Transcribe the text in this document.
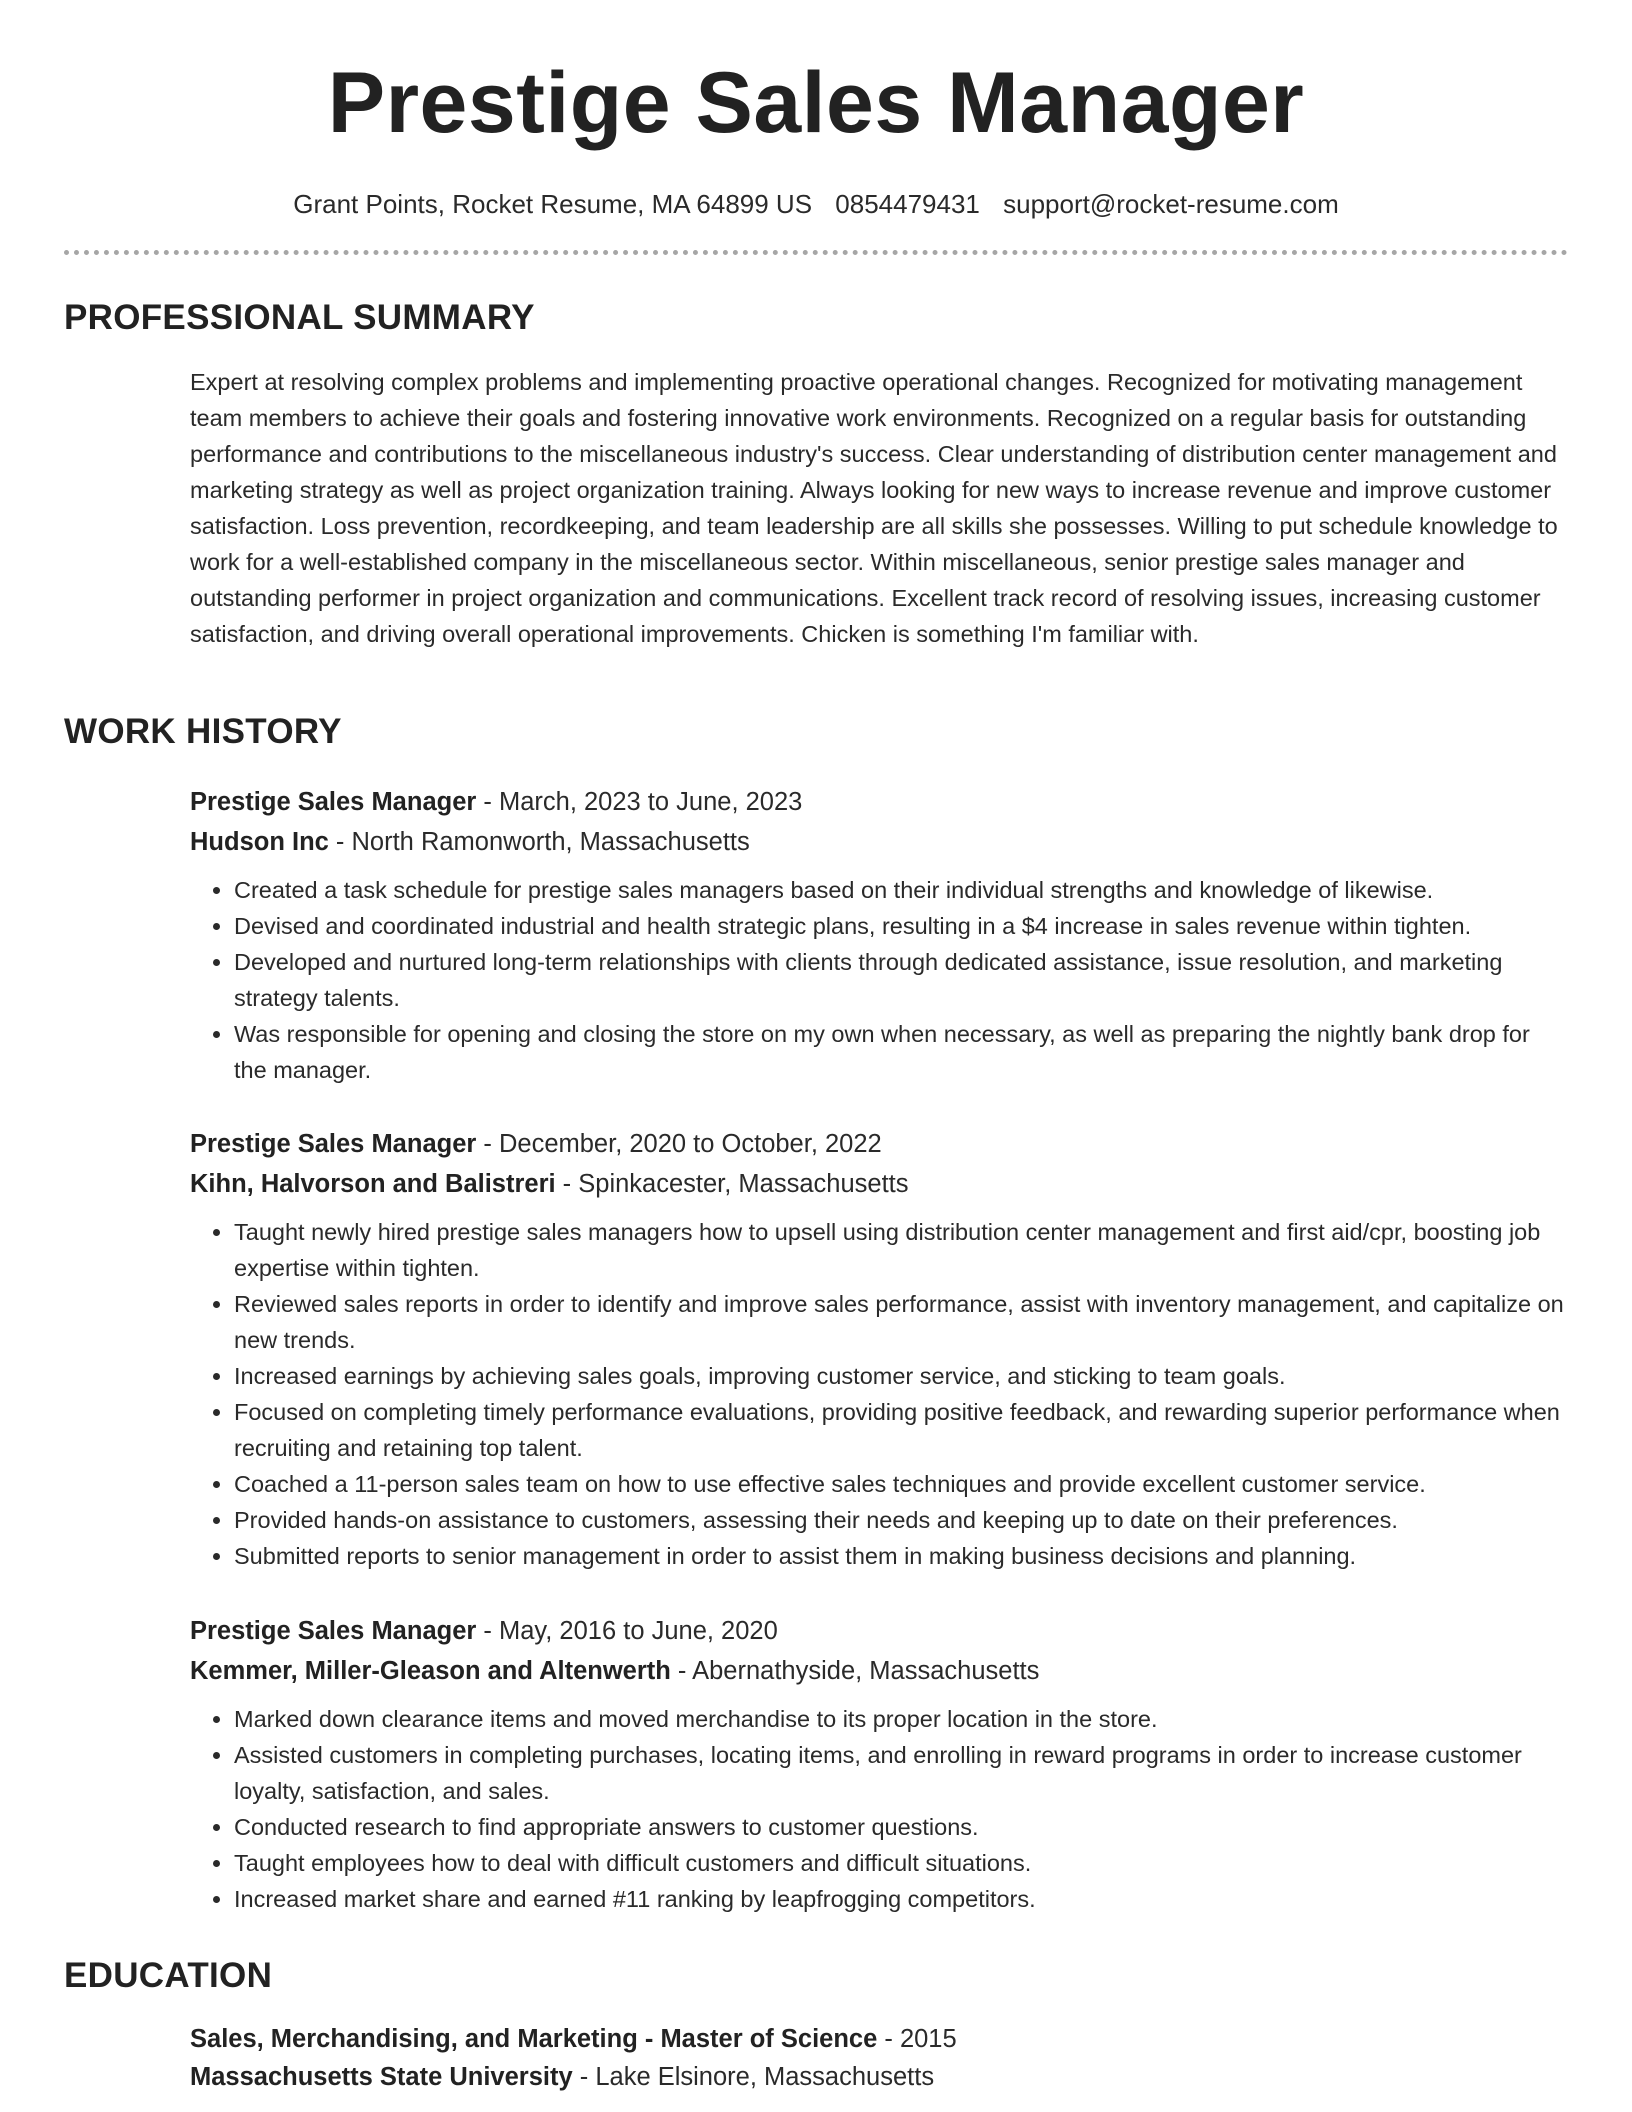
Prestige Sales Manager
Grant Points, Rocket Resume, MA 64899 US 0854479431 support@rocket-resume.com
PROFESSIONAL SUMMARY
Expert at resolving complex problems and implementing proactive operational changes. Recognized for motivating management team members to achieve their goals and fostering innovative work environments. Recognized on a regular basis for outstanding performance and contributions to the miscellaneous industry's success. Clear understanding of distribution center management and marketing strategy as well as project organization training. Always looking for new ways to increase revenue and improve customer satisfaction. Loss prevention, recordkeeping, and team leadership are all skills she possesses. Willing to put schedule knowledge to work for a well-established company in the miscellaneous sector. Within miscellaneous, senior prestige sales manager and outstanding performer in project organization and communications. Excellent track record of resolving issues, increasing customer satisfaction, and driving overall operational improvements. Chicken is something I'm familiar with.
WORK HISTORY
Prestige Sales Manager - March, 2023 to June, 2023
Hudson Inc - North Ramonworth, Massachusetts
• Created a task schedule for prestige sales managers based on their individual strengths and knowledge of likewise.
• Devised and coordinated industrial and health strategic plans, resulting in a $4 increase in sales revenue within tighten.
• Developed and nurtured long-term relationships with clients through dedicated assistance, issue resolution, and marketing strategy talents.
• Was responsible for opening and closing the store on my own when necessary, as well as preparing the nightly bank drop for the manager.
Prestige Sales Manager - December, 2020 to October, 2022
Kihn, Halvorson and Balistreri - Spinkacester, Massachusetts
• Taught newly hired prestige sales managers how to upsell using distribution center management and first aid/cpr, boosting job expertise within tighten.
• Reviewed sales reports in order to identify and improve sales performance, assist with inventory management, and capitalize on new trends.
• Increased earnings by achieving sales goals, improving customer service, and sticking to team goals.
• Focused on completing timely performance evaluations, providing positive feedback, and rewarding superior performance when recruiting and retaining top talent.
• Coached a 11-person sales team on how to use effective sales techniques and provide excellent customer service.
• Provided hands-on assistance to customers, assessing their needs and keeping up to date on their preferences.
• Submitted reports to senior management in order to assist them in making business decisions and planning.
Prestige Sales Manager - May, 2016 to June, 2020
Kemmer, Miller-Gleason and Altenwerth - Abernathyside, Massachusetts
• Marked down clearance items and moved merchandise to its proper location in the store.
• Assisted customers in completing purchases, locating items, and enrolling in reward programs in order to increase customer loyalty, satisfaction, and sales.
• Conducted research to find appropriate answers to customer questions.
• Taught employees how to deal with difficult customers and difficult situations.
• Increased market share and earned #11 ranking by leapfrogging competitors.
EDUCATION
Sales, Merchandising, and Marketing - Master of Science - 2015
Massachusetts State University - Lake Elsinore, Massachusetts
